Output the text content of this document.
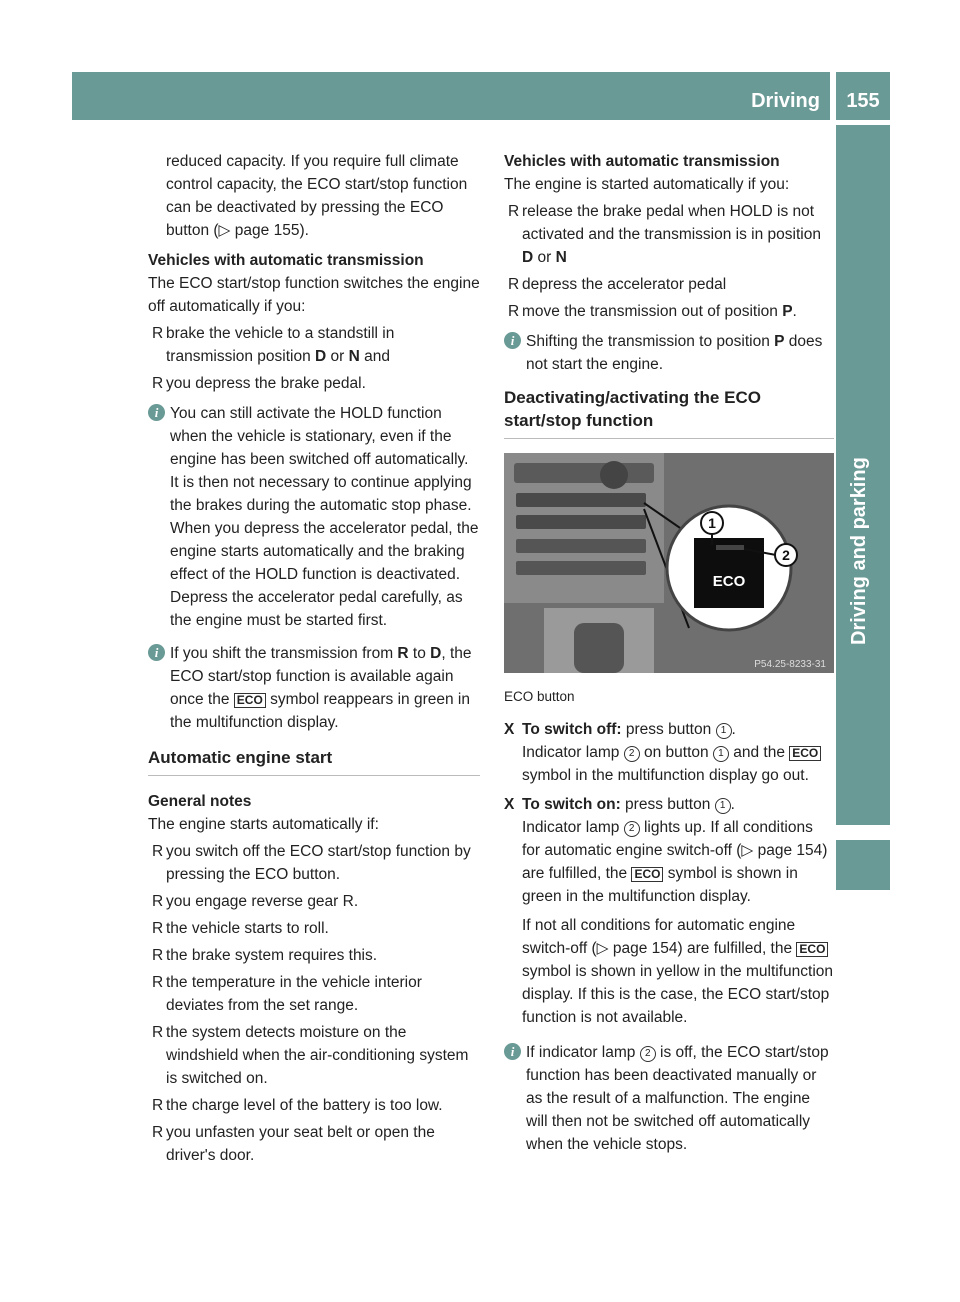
Driving	155
Driving and parking

reduced capacity. If you require full climate control capacity, the ECO start/stop function can be deactivated by pressing the ECO button (▷ page 155).

Vehicles with automatic transmission

The ECO start/stop function switches the engine off automatically if you:

R brake the vehicle to a standstill in transmission position D or N and
R you depress the brake pedal.
i You can still activate the HOLD function when the vehicle is stationary, even if the engine has been switched off automatically. It is then not necessary to continue applying the brakes during the automatic stop phase. When you depress the accelerator pedal, the engine starts automatically and the braking effect of the HOLD function is deactivated. Depress the accelerator pedal carefully, as the engine must be started first.
i If you shift the transmission from R to D, the ECO start/stop function is available again once the ECO symbol reappears in green in the multifunction display.
Automatic engine start

General notes

The engine starts automatically if:

R you switch off the ECO start/stop function by pressing the ECO button.
R you engage reverse gear R.
R the vehicle starts to roll.
R the brake system requires this.
R the temperature in the vehicle interior deviates from the set range.
R the system detects moisture on the windshield when the air-conditioning system is switched on.
R the charge level of the battery is too low.
R you unfasten your seat belt or open the driver's door.

Vehicles with automatic transmission

The engine is started automatically if you:

R release the brake pedal when HOLD is not activated and the transmission is in position D or N
R depress the accelerator pedal
R move the transmission out of position P.
i Shifting the transmission to position P does not start the engine.
Deactivating/activating the ECO start/stop function
1
2
ECO
P54.25-8233-31
ECO button
X To switch off: press button 1 .
Indicator lamp 2 on button 1 and the ECO symbol in the multifunction display go out.
X To switch on: press button 1 .
Indicator lamp 2 lights up. If all conditions for automatic engine switch-off (▷ page 154) are fulfilled, the ECO symbol is shown in green in the multifunction display.
If not all conditions for automatic engine switch-off (▷ page 154) are fulfilled, the ECO symbol is shown in yellow in the multifunction display. If this is the case, the ECO start/stop function is not available.
i If indicator lamp 2 is off, the ECO start/stop function has been deactivated manually or as the result of a malfunction. The engine will then not be switched off automatically when the vehicle stops.
